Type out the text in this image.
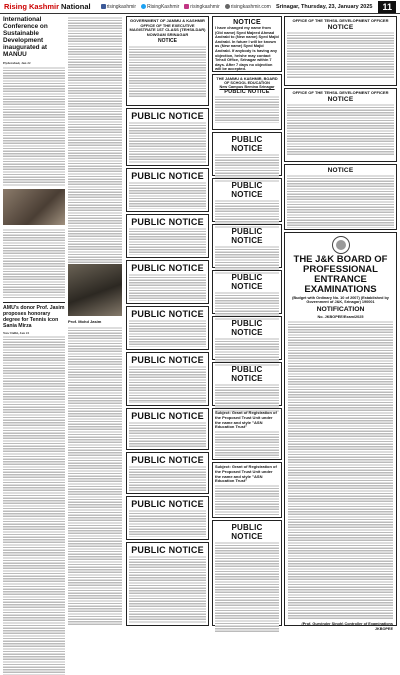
Rising Kashmir National	risingkashmir	RisingKashmir	risingkashmir	risingkashmir.com Srinagar, Thursday, 23, January 2025	11
International Conference on Sustainable Development inaugurated at MANUU
Hyderabad, Jan 22
AMU's donor Prof. Jasim proposes honorary degree for Tennis icon Sania Mirza
New Delhi, Jan 22
Prof. Mohd Jasim
GOVERNMENT OF JAMMU & KASHMIR
OFFICE OF THE EXECUTIVE MAGISTRATE 1ST CLASS (TEHSILDAR)
NOWGAM SRINAGAR
NOTICE
NOTICE
I have changed my name from (Old name) Syed Majeed Ahmad Andrabi to (New name) Syed Majid Andrabi. In future I will be known as (New name) Syed Majid Andrabi. If anybody is having any objection, he/she may contact Tehsil Office, Srinagar within 7 days. After 7 days no objection will be accepted.
THE JAMMU & KASHMIR, BOARD OF SCHOOL EDUCATION
New Campus Bemina Srinagar
PUBLIC NOTICE
OFFICE OF THE TEHSIL DEVELOPMENT OFFICER
NOTICE
OFFICE OF THE TEHSIL DEVELOPMENT OFFICER
NOTICE
NOTICE
PUBLIC NOTICE
PUBLIC NOTICE
PUBLIC NOTICE
PUBLIC NOTICE
PUBLIC NOTICE
PUBLIC NOTICE
PUBLIC NOTICE
PUBLIC NOTICE
PUBLIC NOTICE
PUBLIC NOTICE
PUBLIC NOTICE
PUBLIC NOTICE
PUBLIC NOTICE
PUBLIC NOTICE
PUBLIC NOTICE
PUBLIC NOTICE
Subject: Grant of Registration of the Proposed Trust Unit under the name and style "ASN Education Trust"
Subject: Grant of Registration of the Proposed Trust Unit under the name and style "ASN Education Trust"
PUBLIC NOTICE
THE J&K BOARD OF PROFESSIONAL ENTRANCE EXAMINATIONS
(Budget with Ordinary No. 10 of 2007) (Established by Government of J&K, Srinagar) 190001
NOTIFICATION
No. JKBOPEE/Exam/2025
(Prof. Gurvinder Singh) Controller of Examinations JKBOPEE
